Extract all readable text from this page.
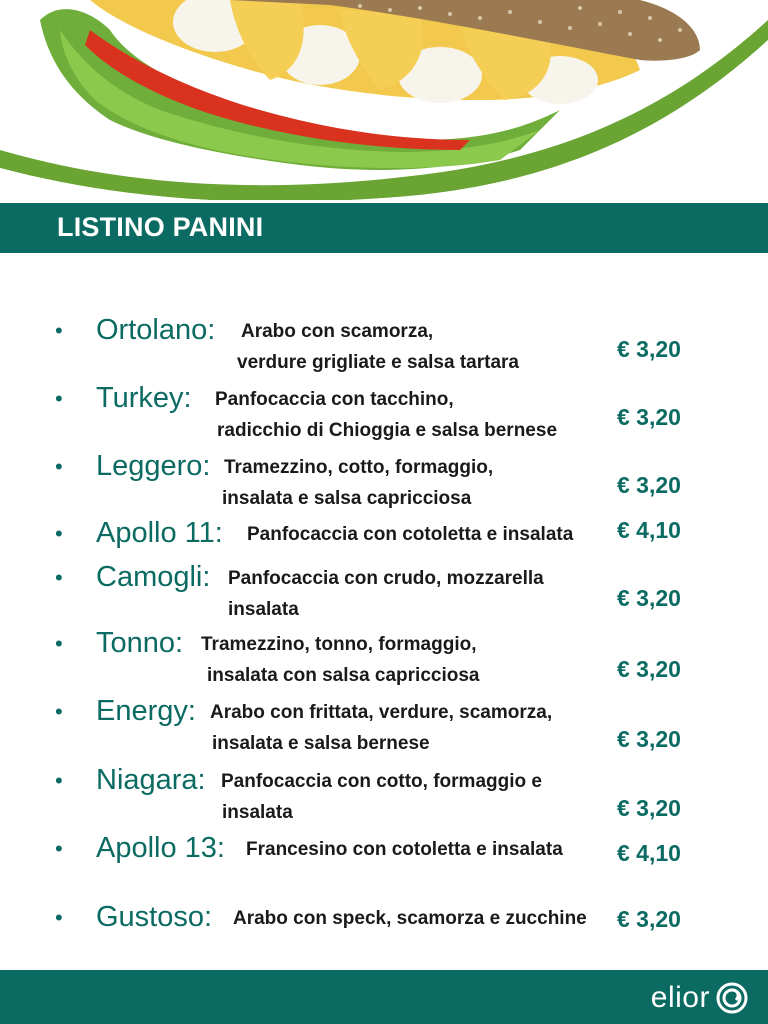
LISTINO PANINI
• Ortolano: Arabo con scamorza,
verdure grigliate e salsa tartara
€ 3,20
• Turkey: Panfocaccia con tacchino,
radicchio di Chioggia e salsa bernese
€ 3,20
• Leggero: Tramezzino, cotto, formaggio,
insalata e salsa capricciosa
€ 3,20
• Apollo 11: Panfocaccia con cotoletta e insalata € 4,10
• Camogli: Panfocaccia con crudo, mozzarella
insalata	€ 3,20
• Tonno: Tramezzino, tonno, formaggio,
insalata con salsa capricciosa	€ 3,20
• Energy: Arabo con frittata, verdure, scamorza,
insalata e salsa bernese	€ 3,20
• Niagara: Panfocaccia con cotto, formaggio e
insalata	€ 3,20
• Apollo 13: Francesino con cotoletta e insalata € 4,10
• Gustoso: Arabo con speck, scamorza e zucchine € 3,20
elior
